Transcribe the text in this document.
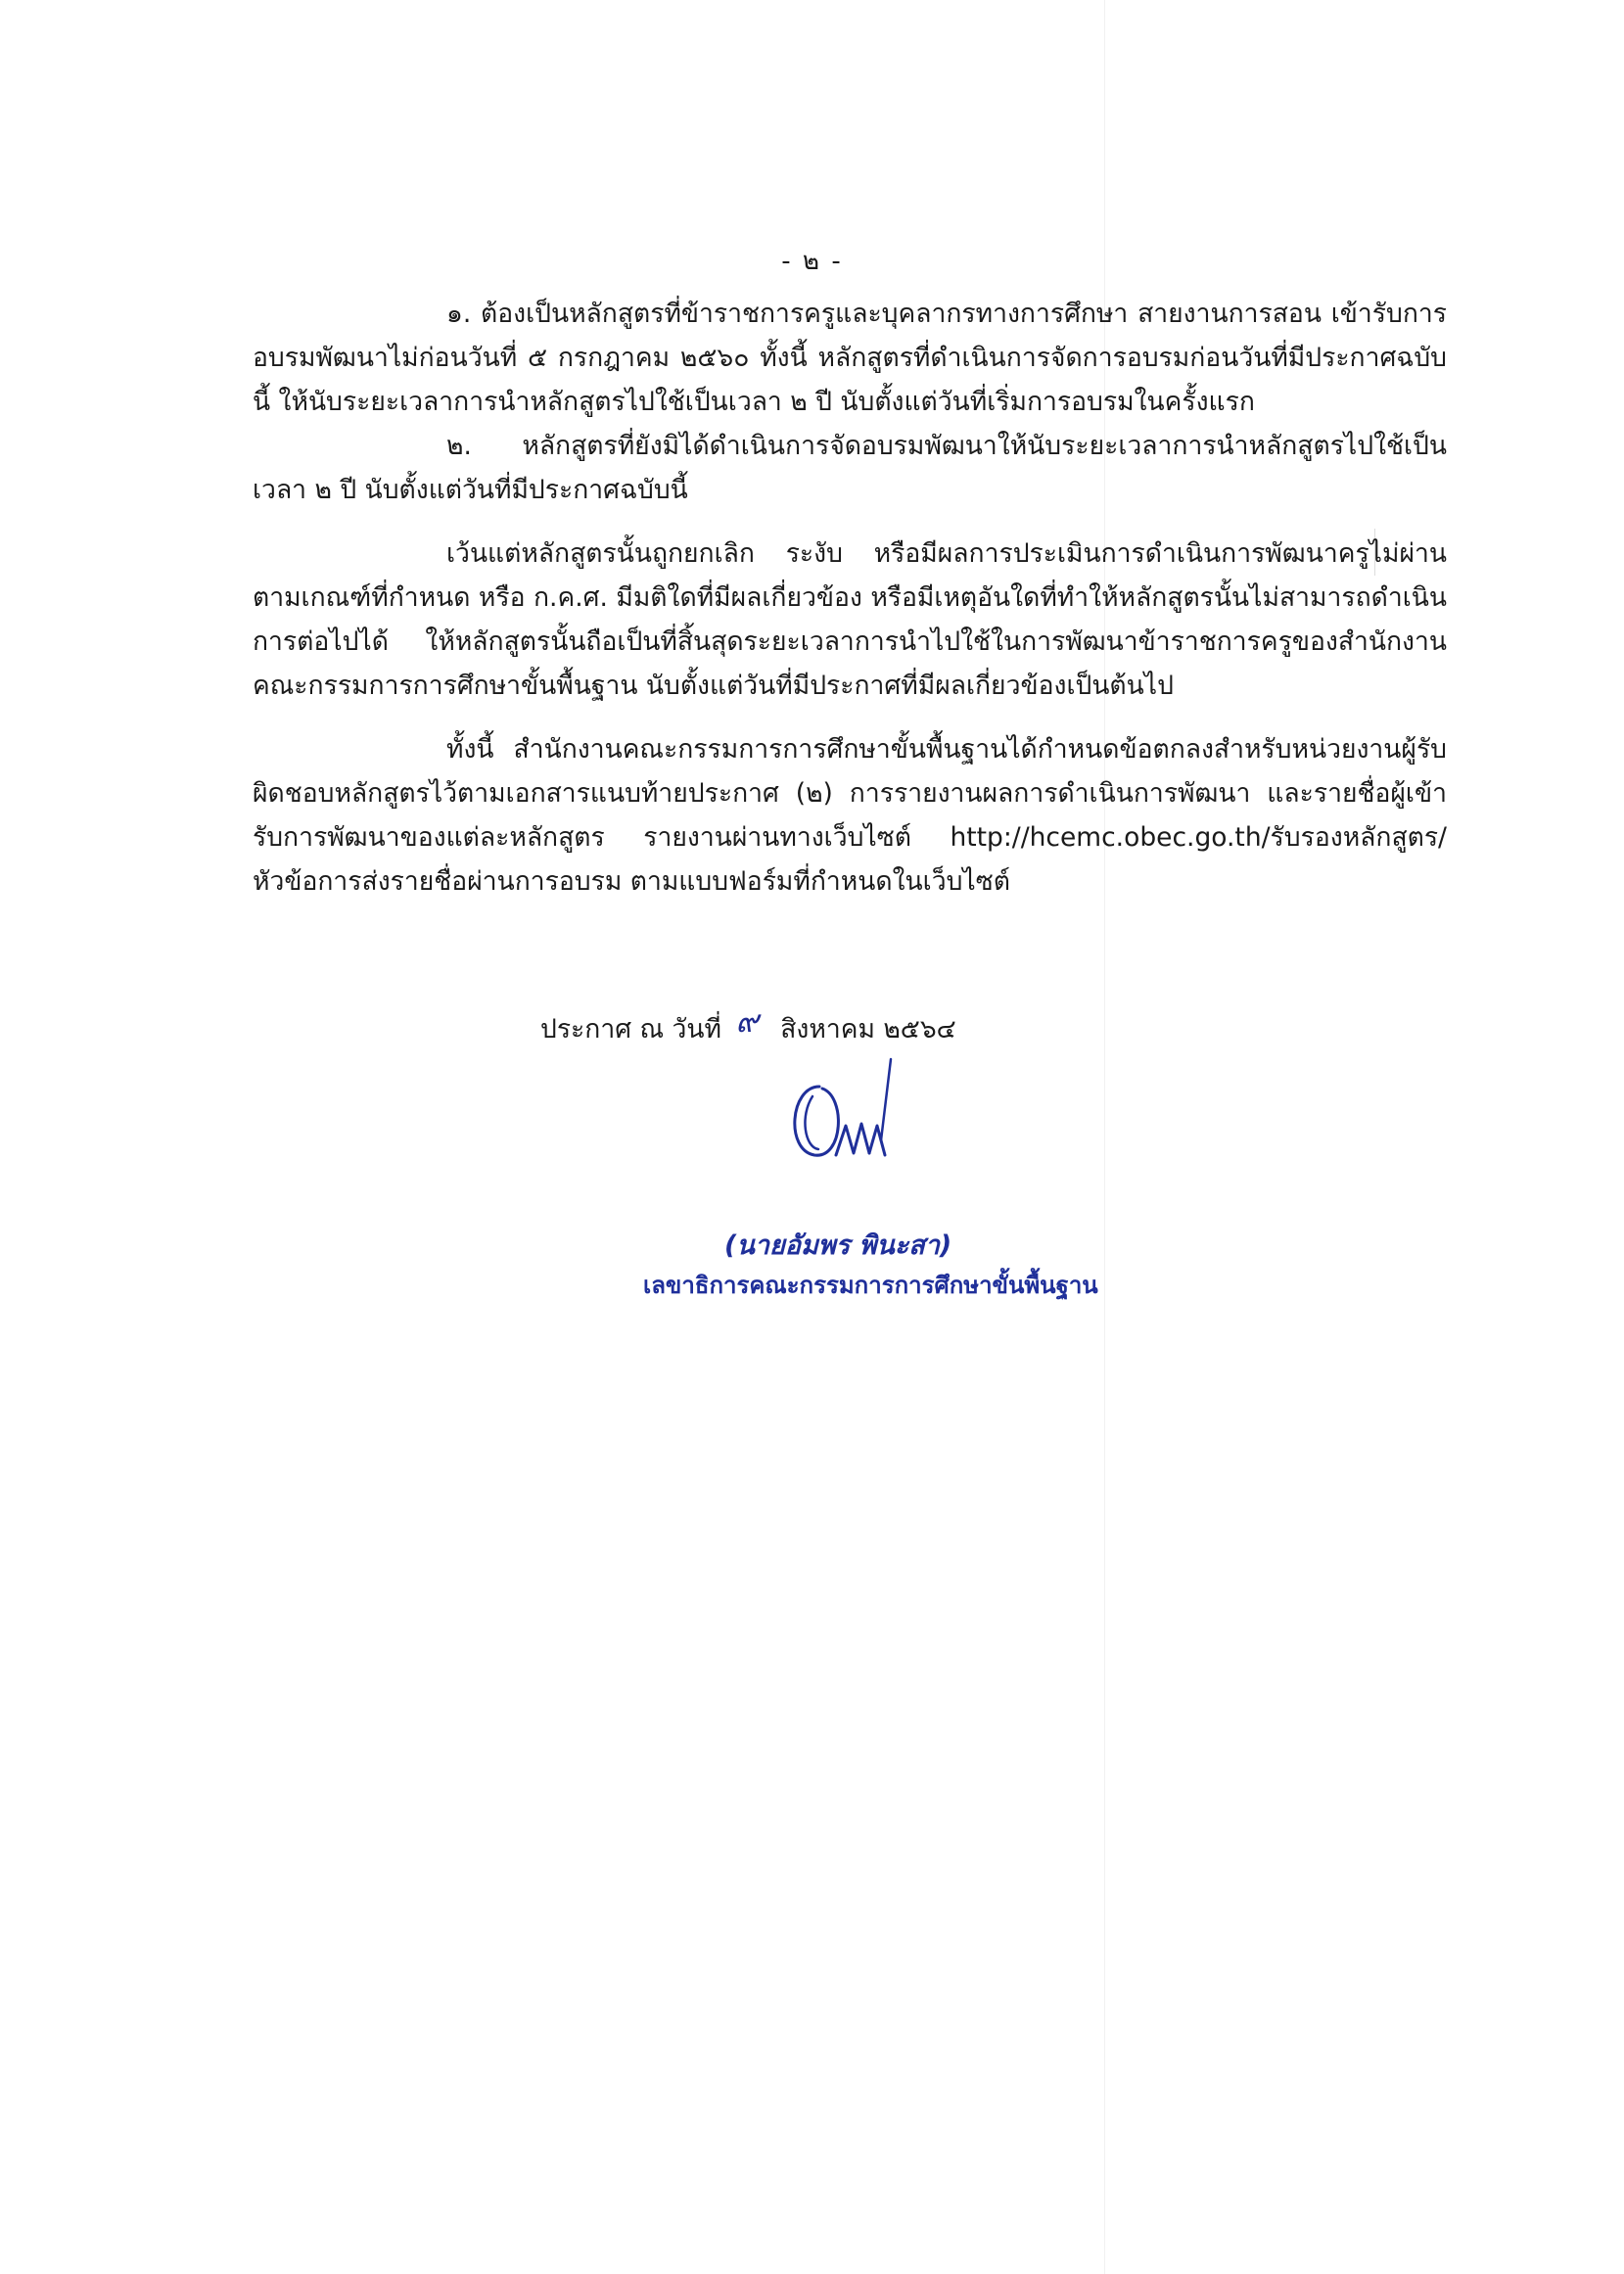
- ๒ -

๑. ต้องเป็นหลักสูตรที่ข้าราชการครูและบุคลากรทางการศึกษา สายงานการสอน เข้ารับการอบรมพัฒนาไม่ก่อนวันที่ ๕ กรกฎาคม ๒๕๖๐ ทั้งนี้ หลักสูตรที่ดำเนินการจัดการอบรมก่อนวันที่มีประกาศฉบับนี้ ให้นับระยะเวลาการนำหลักสูตรไปใช้เป็นเวลา ๒ ปี นับตั้งแต่วันที่เริ่มการอบรมในครั้งแรก

๒. หลักสูตรที่ยังมิได้ดำเนินการจัดอบรมพัฒนาให้นับระยะเวลาการนำหลักสูตรไปใช้เป็นเวลา ๒ ปี นับตั้งแต่วันที่มีประกาศฉบับนี้

เว้นแต่หลักสูตรนั้นถูกยกเลิก ระงับ หรือมีผลการประเมินการดำเนินการพัฒนาครูไม่ผ่านตามเกณฑ์ที่กำหนด หรือ ก.ค.ศ. มีมติใดที่มีผลเกี่ยวข้อง หรือมีเหตุอันใดที่ทำให้หลักสูตรนั้นไม่สามารถดำเนินการต่อไปได้ ให้หลักสูตรนั้นถือเป็นที่สิ้นสุดระยะเวลาการนำไปใช้ในการพัฒนาข้าราชการครูของสำนักงานคณะกรรมการการศึกษาขั้นพื้นฐาน นับตั้งแต่วันที่มีประกาศที่มีผลเกี่ยวข้องเป็นต้นไป

ทั้งนี้ สำนักงานคณะกรรมการการศึกษาขั้นพื้นฐานได้กำหนดข้อตกลงสำหรับหน่วยงานผู้รับผิดชอบหลักสูตรไว้ตามเอกสารแนบท้ายประกาศ (๒) การรายงานผลการดำเนินการพัฒนา และรายชื่อผู้เข้ารับการพัฒนาของแต่ละหลักสูตร รายงานผ่านทางเว็บไซต์ http://hcemc.obec.go.th/รับรองหลักสูตร/หัวข้อการส่งรายชื่อผ่านการอบรม ตามแบบฟอร์มที่กำหนดในเว็บไซต์

ประกาศ ณ วันที่ ๙ สิงหาคม ๒๕๖๔
(นายอัมพร พินะสา)
เลขาธิการคณะกรรมการการศึกษาขั้นพื้นฐาน
